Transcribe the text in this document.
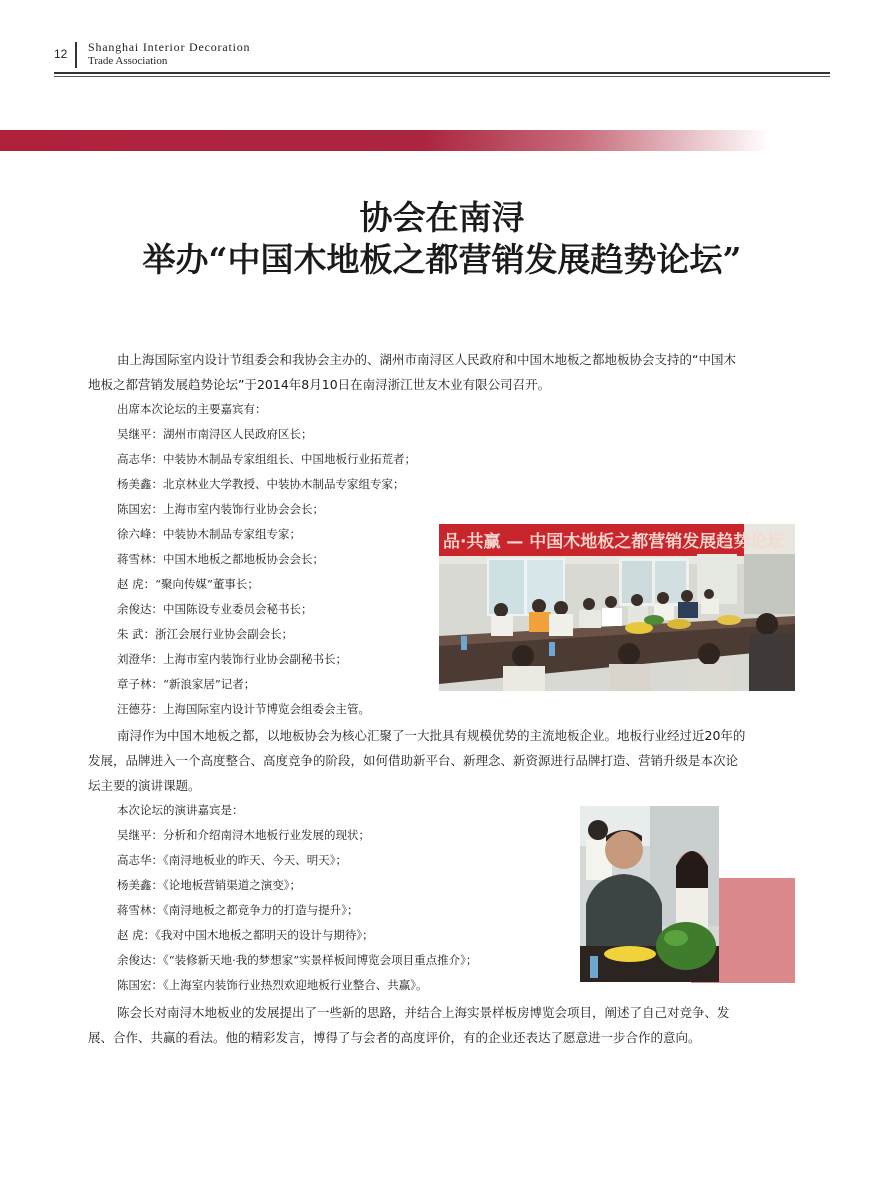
12 Shanghai Interior Decoration
Trade Association
协会在南浔
举办“中国木地板之都营销发展趋势论坛”
由上海国际室内设计节组委会和我协会主办的、湖州市南浔区人民政府和中国木地板之都地板协会支持的“中国木
地板之都营销发展趋势论坛”于2014年8月10日在南浔浙江世友木业有限公司召开。
出席本次论坛的主要嘉宾有：
吴继平：湖州市南浔区人民政府区长；
高志华：中装协木制品专家组组长、中国地板行业拓荒者；
杨美鑫：北京林业大学教授、中装协木制品专家组专家；
陈国宏：上海市室内装饰行业协会会长；
徐六峰：中装协木制品专家组专家；
蒋雪林：中国木地板之都地板协会会长；
赵 虎：“聚向传媒”董事长；
余俊达：中国陈设专业委员会秘书长；
朱 武：浙江会展行业协会副会长；
刘澄华：上海市室内装饰行业协会副秘书长；
章子林：“新浪家居”记者；
汪德芬：上海国际室内设计节博览会组委会主管。
南浔作为中国木地板之都，以地板协会为核心汇聚了一大批具有规模优势的主流地板企业。地板行业经过近20年的
发展，品牌进入一个高度整合、高度竞争的阶段，如何借助新平台、新理念、新资源进行品牌打造、营销升级是本次论
坛主要的演讲课题。
本次论坛的演讲嘉宾是：
吴继平：分析和介绍南浔木地板行业发展的现状；
高志华：《南浔地板业的昨天、今天、明天》；
杨美鑫：《论地板营销渠道之演变》；
蒋雪林：《南浔地板之都竞争力的打造与提升》；
赵 虎：《我对中国木地板之都明天的设计与期待》；
余俊达：《“装修新天地·我的梦想家”实景样板间博览会项目重点推介》；
陈国宏：《上海室内装饰行业热烈欢迎地板行业整合、共赢》。
陈会长对南浔木地板业的发展提出了一些新的思路，并结合上海实景样板房博览会项目，阐述了自己对竞争、发
展、合作、共赢的看法。他的精彩发言，博得了与会者的高度评价，有的企业还表达了愿意进一步合作的意向。
品·共赢 — 中国木地板之都营销发展趋势论坛
